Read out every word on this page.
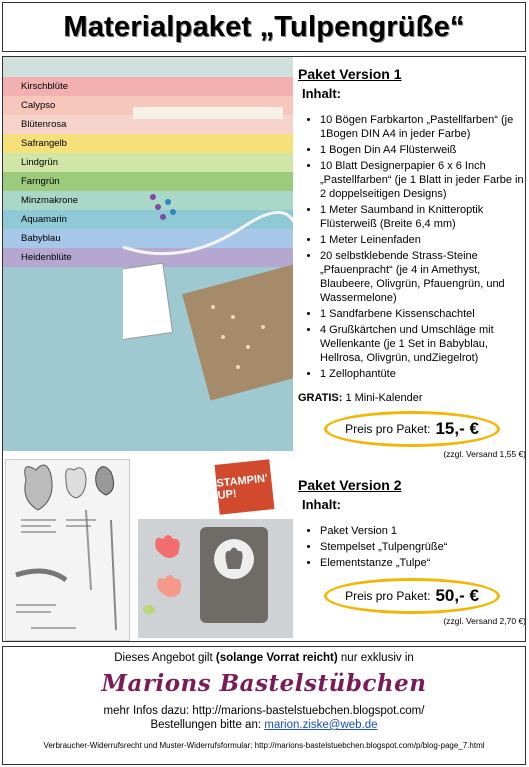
Materialpaket „Tulpengrüße“
Kirschblüte
Calypso
Blütenrosa
Safrangelb
Lindgrün
Farngrün
Minzmakrone
Aquamarin
Babyblau
Heidenblüte
Paket Version 1
Inhalt:
• 10 Bögen Farbkarton „Pastellfarben“ (je 1Bogen DIN A4 in jeder Farbe)
• 1 Bogen Din A4 Flüsterweiß
• 10 Blatt Designerpapier 6 x 6 Inch „Pastellfarben“ (je 1 Blatt in jeder Farbe in 2 doppelseitigen Designs)
• 1 Meter Saumband in Knitteroptik Flüsterweiß (Breite 6,4 mm)
• 1 Meter Leinenfaden
• 20 selbstklebende Strass-Steine „Pfauenpracht“ (je 4 in Amethyst, Blaubeere, Olivgrün, Pfauengrün, und Wassermelone)
• 1 Sandfarbene Kissenschachtel
• 4 Grußkärtchen und Umschläge mit Wellenkante (je 1 Set in Babyblau, Hellrosa, Olivgrün, undZiegelrot)
• 1 Zellophantüte
GRATIS: 1 Mini-Kalender
Preis pro Paket: 15,- €
(zzgl. Versand 1,55 €)
Paket Version 2
Inhalt:
• Paket Version 1
• Stempelset „Tulpengrüße“
• Elementstanze „Tulpe“
Preis pro Paket: 50,- €
(zzgl. Versand 2,70 €)
STAMPIN' UP!
Dieses Angebot gilt (solange Vorrat reicht) nur exklusiv in
Marions Bastelstübchen
mehr Infos dazu: http://marions-bastelstuebchen.blogspot.com/
Bestellungen bitte an: marion.ziske@web.de
Verbraucher-Widerrufsrecht und Muster-Widerrufsformular: http://marions-bastelstuebchen.blogspot.com/p/blog-page_7.html
